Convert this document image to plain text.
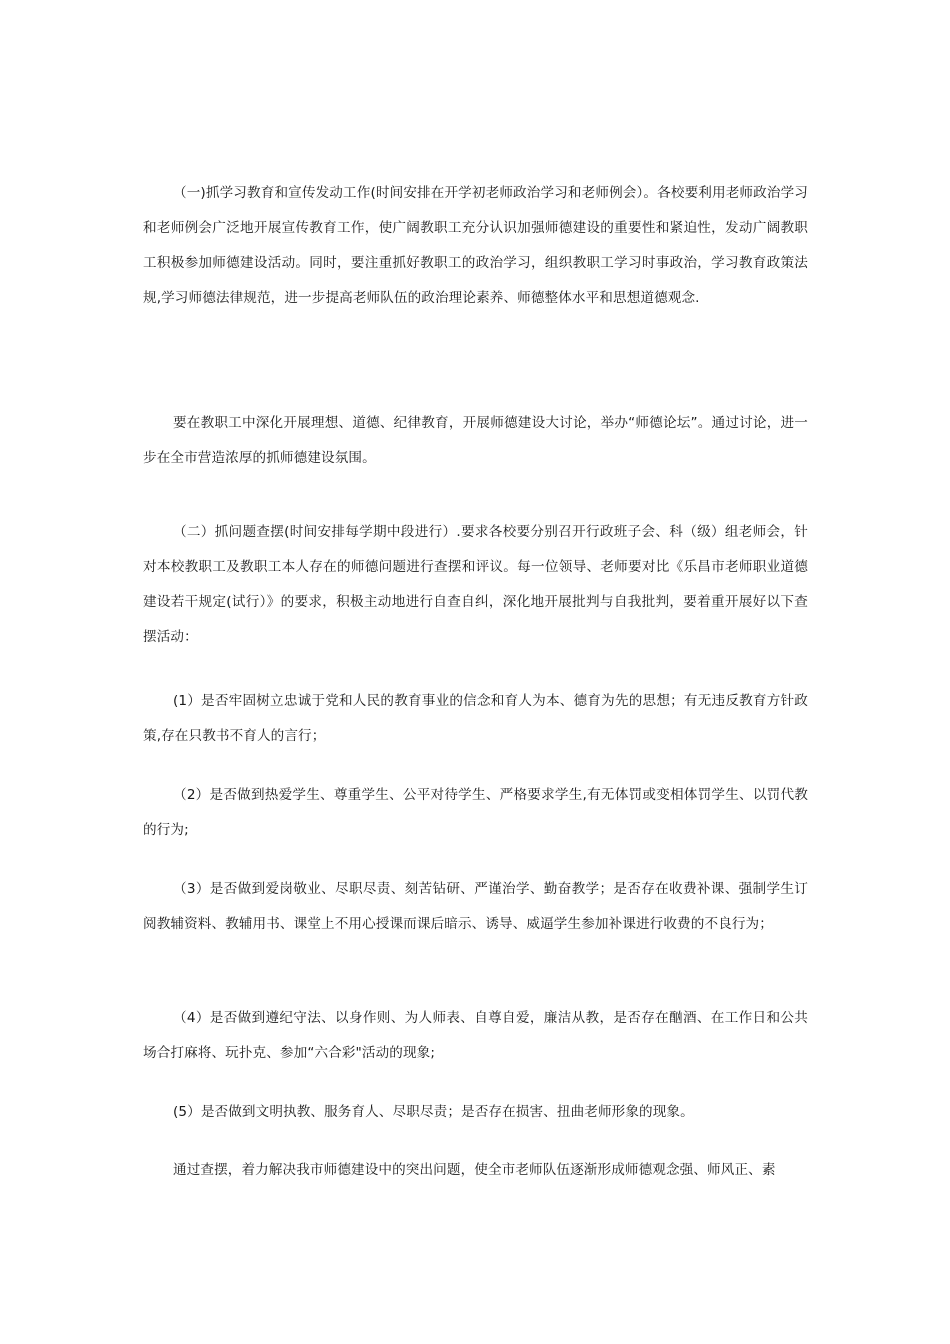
（一)抓学习教育和宣传发动工作(时间安排在开学初老师政治学习和老师例会）。各校要利用老师政治学习和老师例会广泛地开展宣传教育工作，使广阔教职工充分认识加强师德建设的重要性和紧迫性，发动广阔教职工积极参加师德建设活动。同时，要注重抓好教职工的政治学习，组织教职工学习时事政治，学习教育政策法规,学习师德法律规范，进一步提高老师队伍的政治理论素养、师德整体水平和思想道德观念.

要在教职工中深化开展理想、道德、纪律教育，开展师德建设大讨论，举办“师德论坛”。通过讨论，进一步在全市营造浓厚的抓师德建设氛围。

（二）抓问题查摆(时间安排每学期中段进行）.要求各校要分别召开行政班子会、科（级）组老师会，针对本校教职工及教职工本人存在的师德问题进行查摆和评议。每一位领导、老师要对比《乐昌市老师职业道德建设若干规定(试行）》的要求，积极主动地进行自查自纠，深化地开展批判与自我批判，要着重开展好以下查摆活动：

(1）是否牢固树立忠诚于党和人民的教育事业的信念和育人为本、德育为先的思想；有无违反教育方针政策,存在只教书不育人的言行；

（2）是否做到热爱学生、尊重学生、公平对待学生、严格要求学生,有无体罚或变相体罚学生、以罚代教的行为;

（3）是否做到爱岗敬业、尽职尽责、刻苦钻研、严谨治学、勤奋教学；是否存在收费补课、强制学生订阅教辅资料、教辅用书、课堂上不用心授课而课后暗示、诱导、威逼学生参加补课进行收费的不良行为；

（4）是否做到遵纪守法、以身作则、为人师表、自尊自爱，廉洁从教，是否存在酗酒、在工作日和公共场合打麻将、玩扑克、参加“六合彩"活动的现象;

(5）是否做到文明执教、服务育人、尽职尽责；是否存在损害、扭曲老师形象的现象。

通过查摆，着力解决我市师德建设中的突出问题，使全市老师队伍逐渐形成师德观念强、师风正、素
